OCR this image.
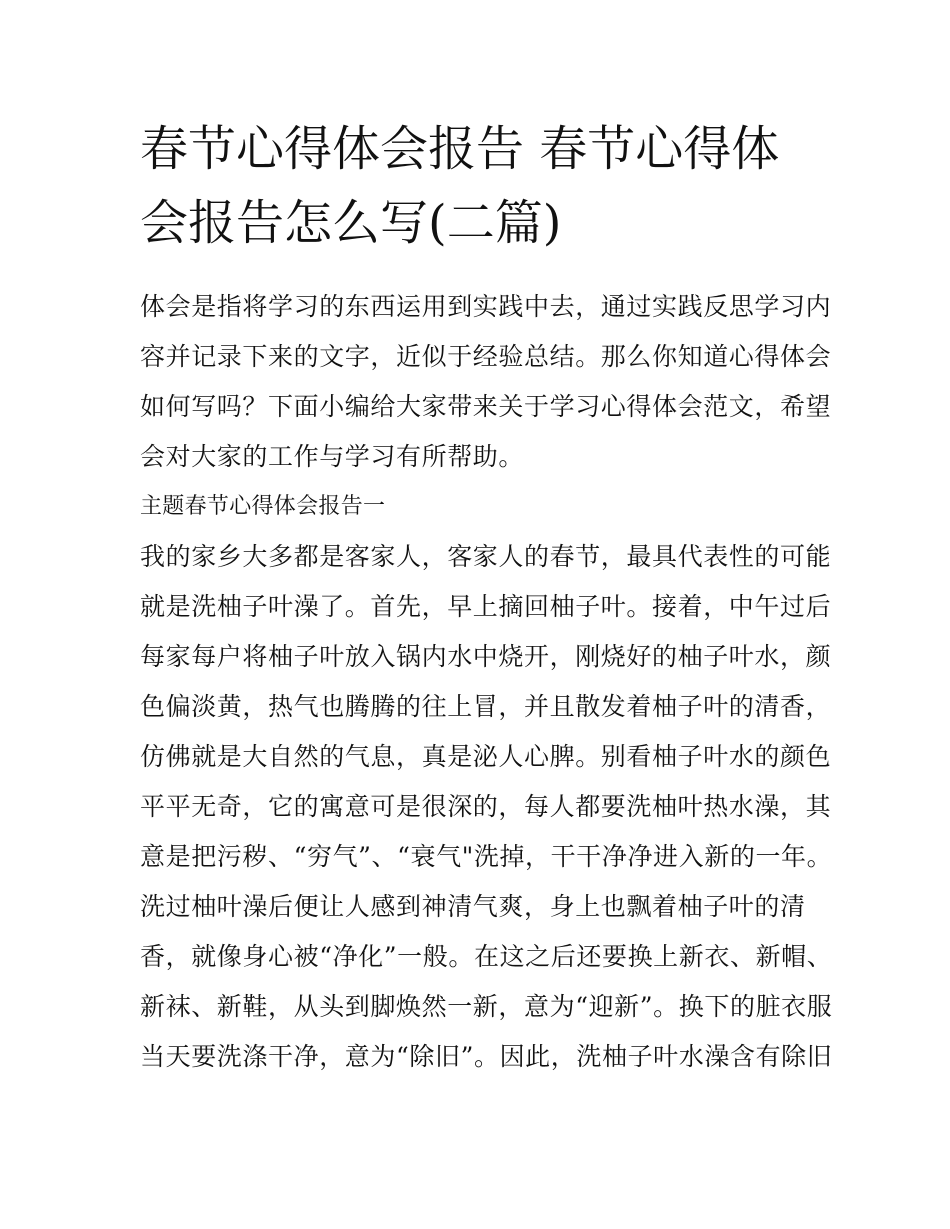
春节心得体会报告 春节心得体
会报告怎么写(二篇)
体会是指将学习的东西运用到实践中去，通过实践反思学习内
容并记录下来的文字，近似于经验总结。那么你知道心得体会
如何写吗？下面小编给大家带来关于学习心得体会范文，希望
会对大家的工作与学习有所帮助。
主题春节心得体会报告一
我的家乡大多都是客家人，客家人的春节，最具代表性的可能
就是洗柚子叶澡了。首先，早上摘回柚子叶。接着，中午过后
每家每户将柚子叶放入锅内水中烧开，刚烧好的柚子叶水，颜
色偏淡黄，热气也腾腾的往上冒，并且散发着柚子叶的清香，
仿佛就是大自然的气息，真是泌人心脾。别看柚子叶水的颜色
平平无奇，它的寓意可是很深的，每人都要洗柚叶热水澡，其
意是把污秽、“穷气”、“衰气"洗掉，干干净净进入新的一年。
洗过柚叶澡后便让人感到神清气爽，身上也飘着柚子叶的清
香，就像身心被“净化”一般。在这之后还要换上新衣、新帽、
新袜、新鞋，从头到脚焕然一新，意为“迎新”。换下的脏衣服
当天要洗涤干净，意为“除旧”。因此，洗柚子叶水澡含有除旧
